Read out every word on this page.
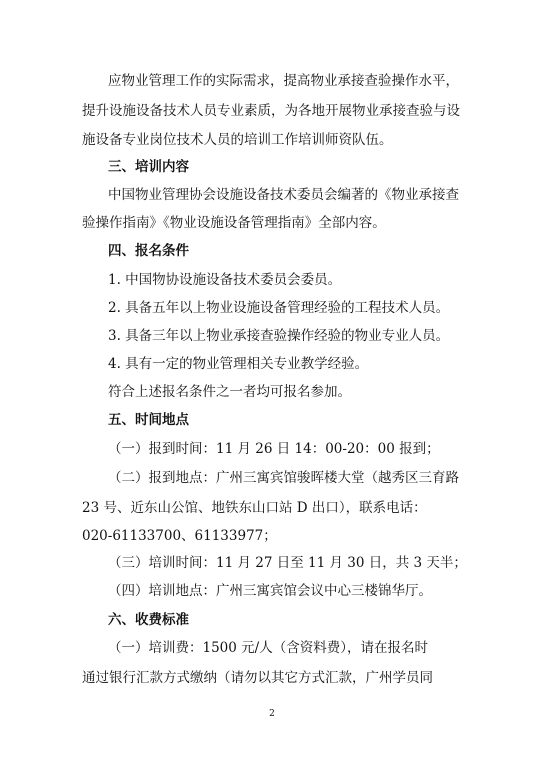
应物业管理工作的实际需求，提高物业承接查验操作水平，
提升设施设备技术人员专业素质，为各地开展物业承接查验与设
施设备专业岗位技术人员的培训工作培训师资队伍。
三、培训内容
中国物业管理协会设施设备技术委员会编著的《物业承接查
验操作指南》《物业设施设备管理指南》全部内容。
四、报名条件
1. 中国物协设施设备技术委员会委员。
2. 具备五年以上物业设施设备管理经验的工程技术人员。
3. 具备三年以上物业承接查验操作经验的物业专业人员。
4. 具有一定的物业管理相关专业教学经验。
符合上述报名条件之一者均可报名参加。
五、时间地点
（一）报到时间：11 月 26 日 14：00-20：00 报到；
（二）报到地点：广州三寓宾馆骏晖楼大堂（越秀区三育路
23 号、近东山公馆、地铁东山口站 D 出口），联系电话：
020-61133700、61133977；
（三）培训时间：11 月 27 日至 11 月 30 日，共 3 天半；
（四）培训地点：广州三寓宾馆会议中心三楼锦华厅。
六、收费标准
（一）培训费：1500 元/人（含资料费），请在报名时
通过银行汇款方式缴纳（请勿以其它方式汇款，广州学员同
2
